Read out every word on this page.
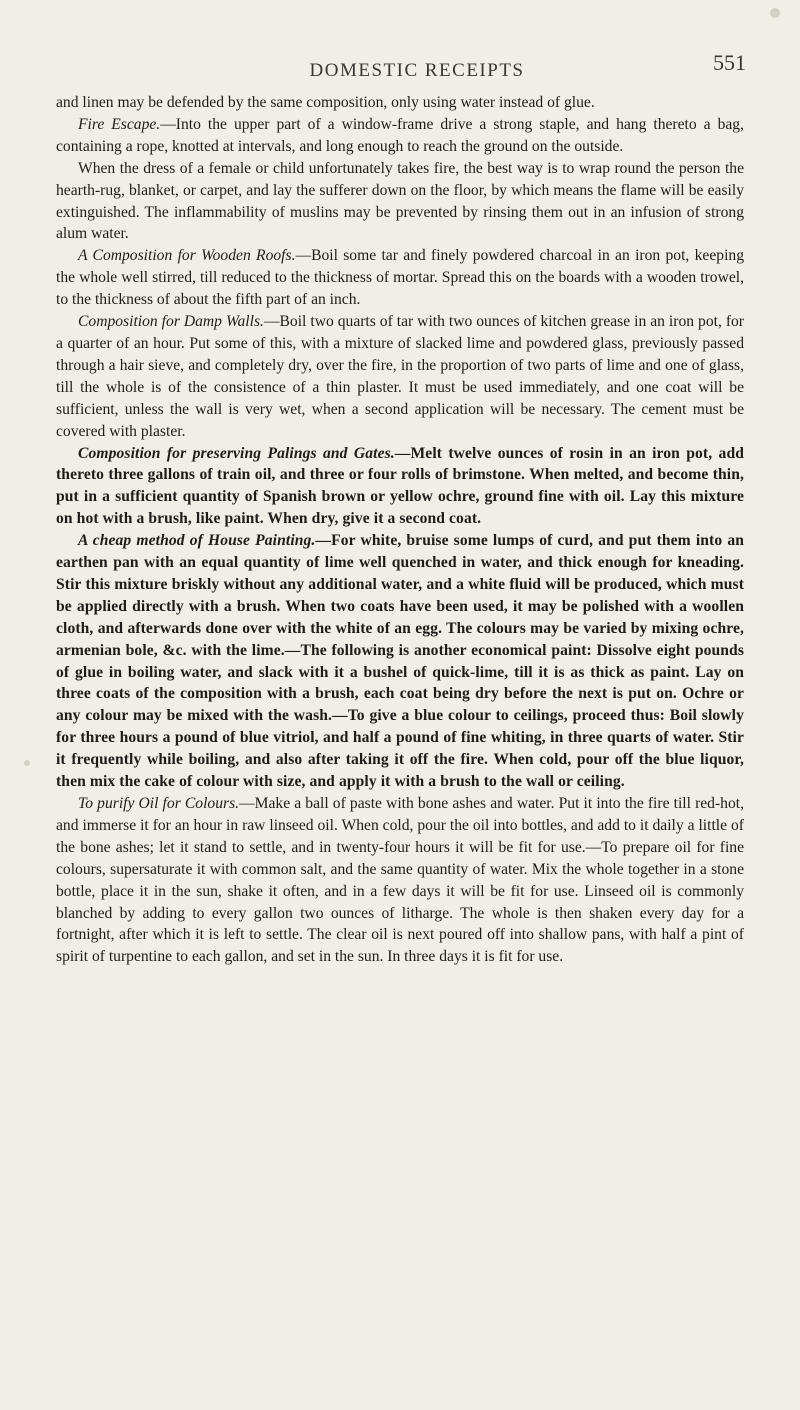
DOMESTIC RECEIPTS	551

and linen may be defended by the same composition, only using water instead of glue.

Fire Escape.—Into the upper part of a window-frame drive a strong staple, and hang thereto a bag, containing a rope, knotted at intervals, and long enough to reach the ground on the outside.

When the dress of a female or child unfortunately takes fire, the best way is to wrap round the person the hearth-rug, blanket, or carpet, and lay the sufferer down on the floor, by which means the flame will be easily extinguished. The inflammability of muslins may be prevented by rinsing them out in an infusion of strong alum water.

A Composition for Wooden Roofs.—Boil some tar and finely powdered charcoal in an iron pot, keeping the whole well stirred, till reduced to the thickness of mortar. Spread this on the boards with a wooden trowel, to the thickness of about the fifth part of an inch.

Composition for Damp Walls.—Boil two quarts of tar with two ounces of kitchen grease in an iron pot, for a quarter of an hour. Put some of this, with a mixture of slacked lime and powdered glass, previously passed through a hair sieve, and completely dry, over the fire, in the proportion of two parts of lime and one of glass, till the whole is of the consistence of a thin plaster. It must be used immediately, and one coat will be sufficient, unless the wall is very wet, when a second application will be necessary. The cement must be covered with plaster.

Composition for preserving Palings and Gates.—Melt twelve ounces of rosin in an iron pot, add thereto three gallons of train oil, and three or four rolls of brimstone. When melted, and become thin, put in a sufficient quantity of Spanish brown or yellow ochre, ground fine with oil. Lay this mixture on hot with a brush, like paint. When dry, give it a second coat.

A cheap method of House Painting.—For white, bruise some lumps of curd, and put them into an earthen pan with an equal quantity of lime well quenched in water, and thick enough for kneading. Stir this mixture briskly without any additional water, and a white fluid will be produced, which must be applied directly with a brush. When two coats have been used, it may be polished with a woollen cloth, and afterwards done over with the white of an egg. The colours may be varied by mixing ochre, armenian bole, &c. with the lime.—The following is another economical paint: Dissolve eight pounds of glue in boiling water, and slack with it a bushel of quick-lime, till it is as thick as paint. Lay on three coats of the composition with a brush, each coat being dry before the next is put on. Ochre or any colour may be mixed with the wash.—To give a blue colour to ceilings, proceed thus: Boil slowly for three hours a pound of blue vitriol, and half a pound of fine whiting, in three quarts of water. Stir it frequently while boiling, and also after taking it off the fire. When cold, pour off the blue liquor, then mix the cake of colour with size, and apply it with a brush to the wall or ceiling.

To purify Oil for Colours.—Make a ball of paste with bone ashes and water. Put it into the fire till red-hot, and immerse it for an hour in raw linseed oil. When cold, pour the oil into bottles, and add to it daily a little of the bone ashes; let it stand to settle, and in twenty-four hours it will be fit for use.—To prepare oil for fine colours, supersaturate it with common salt, and the same quantity of water. Mix the whole together in a stone bottle, place it in the sun, shake it often, and in a few days it will be fit for use. Linseed oil is commonly blanched by adding to every gallon two ounces of litharge. The whole is then shaken every day for a fortnight, after which it is left to settle. The clear oil is next poured off into shallow pans, with half a pint of spirit of turpentine to each gallon, and set in the sun. In three days it is fit for use.
